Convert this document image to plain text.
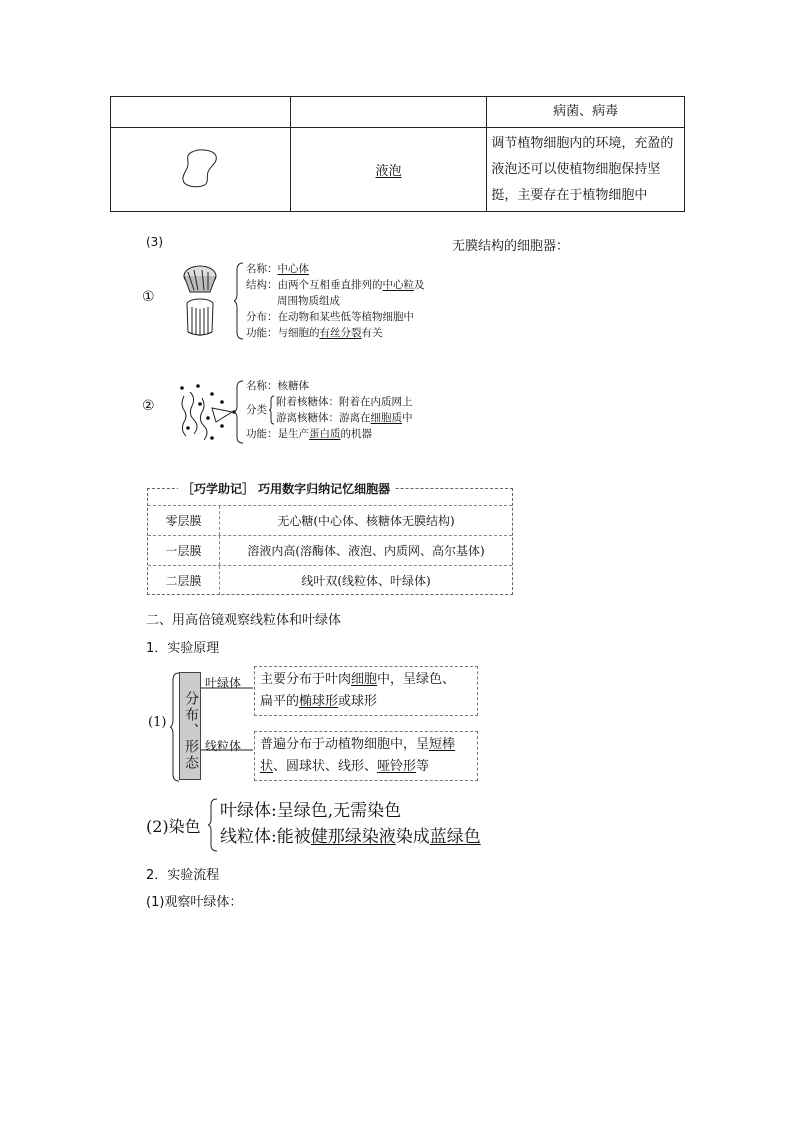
		病菌、病毒
	液泡	调节植物细胞内的环境，充盈的液泡还可以使植物细胞保持坚挺，主要存在于植物细胞中
(3)	无膜结构的细胞器：
①
名称：中心体
结构：由两个互相垂直排列的中心粒及
周围物质组成
分布：在动物和某些低等植物细胞中
功能：与细胞的有丝分裂有关
②
名称：核糖体
分类
附着核糖体：附着在内质网上
游离核糖体：游离在细胞质中
功能：是生产蛋白质的机器
［巧学助记］ 巧用数字归纳记忆细胞器
零层膜	无心糖(中心体、核糖体无膜结构)
一层膜	溶液内高(溶酶体、液泡、内质网、高尔基体)
二层膜	线叶双(线粒体、叶绿体)
二、用高倍镜观察线粒体和叶绿体
1．实验原理
(1) 分布、形态
叶绿体
线粒体
主要分布于叶肉细胞中，呈绿色、
扁平的椭球形或球形
普遍分布于动植物细胞中，呈短棒
状、圆球状、线形、哑铃形等
(2)染色
叶绿体:呈绿色,无需染色
线粒体:能被健那绿染液染成蓝绿色
2．实验流程
(1)观察叶绿体：
